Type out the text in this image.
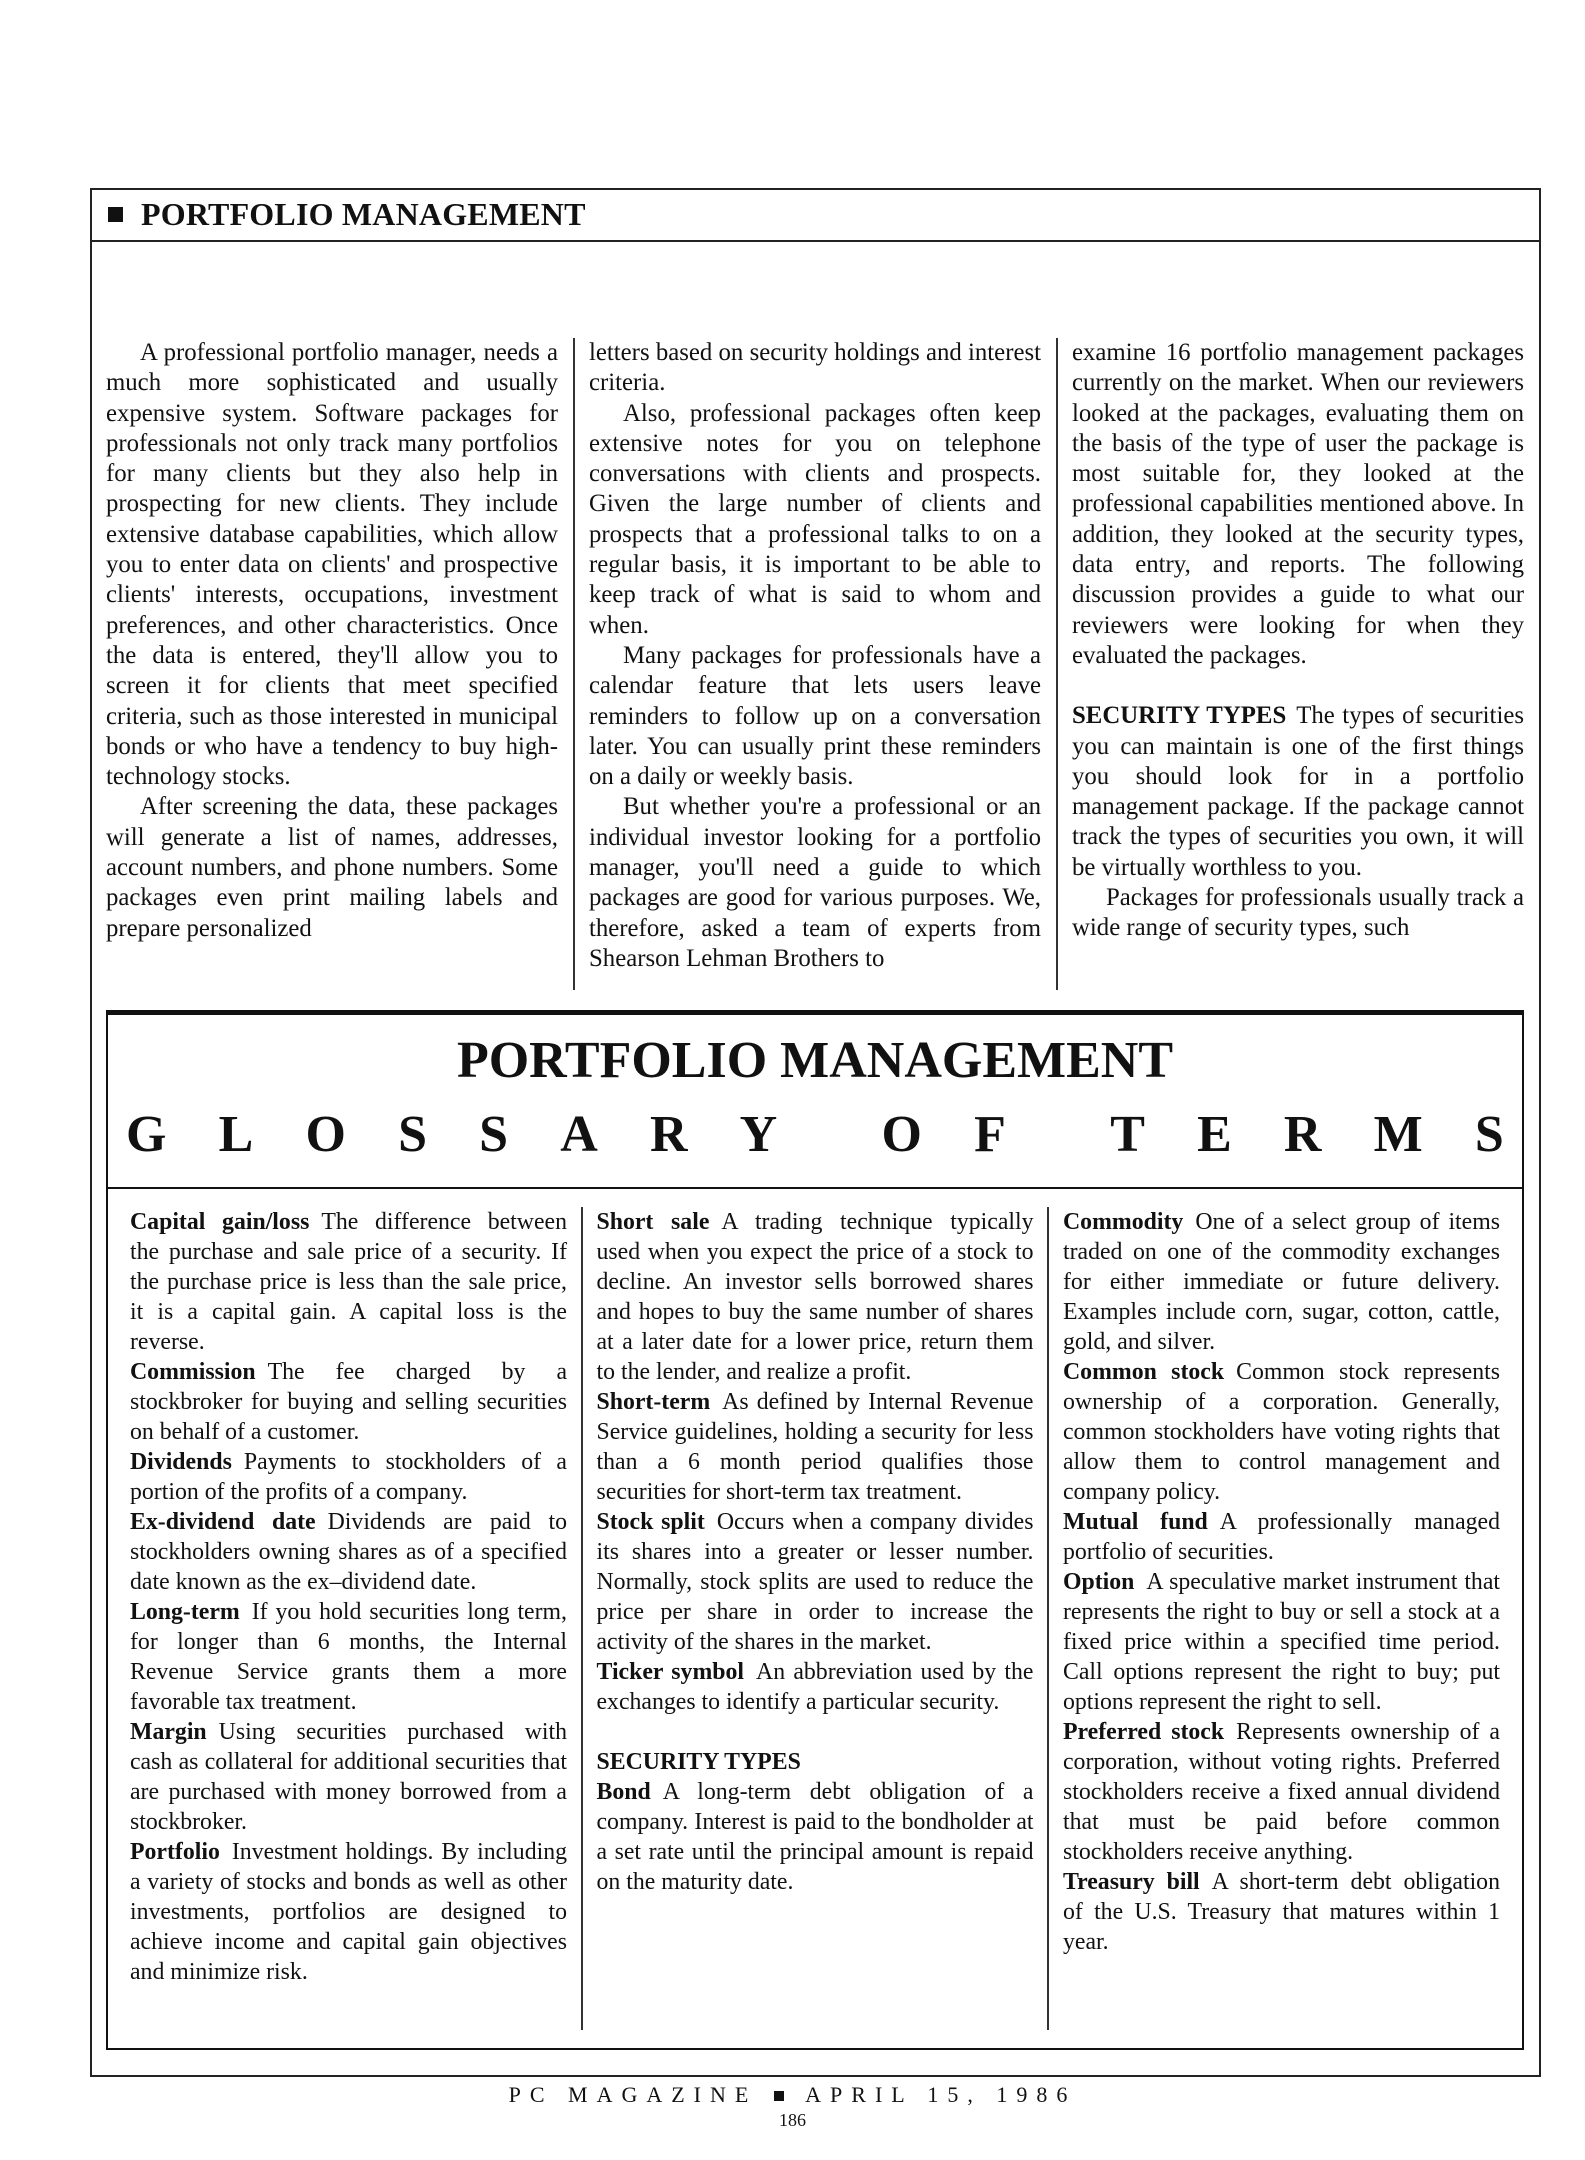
PORTFOLIO MANAGEMENT

A professional portfolio manager, needs a much more sophisticated and usually expensive system. Software packages for professionals not only track many portfolios for many clients but they also help in prospecting for new clients. They include extensive database capabilities, which allow you to enter data on clients' and prospective clients' interests, occupations, investment preferences, and other characteristics. Once the data is entered, they'll allow you to screen it for clients that meet specified criteria, such as those interested in municipal bonds or who have a tendency to buy high-technology stocks.

After screening the data, these packages will generate a list of names, addresses, account numbers, and phone numbers. Some packages even print mailing labels and prepare personalized

letters based on security holdings and interest criteria.

Also, professional packages often keep extensive notes for you on telephone conversations with clients and prospects. Given the large number of clients and prospects that a professional talks to on a regular basis, it is important to be able to keep track of what is said to whom and when.

Many packages for professionals have a calendar feature that lets users leave reminders to follow up on a conversation later. You can usually print these reminders on a daily or weekly basis.

But whether you're a professional or an individual investor looking for a portfolio manager, you'll need a guide to which packages are good for various purposes. We, therefore, asked a team of experts from Shearson Lehman Brothers to

examine 16 portfolio management packages currently on the market. When our reviewers looked at the packages, evaluating them on the basis of the type of user the package is most suitable for, they looked at the professional capabilities mentioned above. In addition, they looked at the security types, data entry, and reports. The following discussion provides a guide to what our reviewers were looking for when they evaluated the packages.

SECURITY TYPES The types of securities you can maintain is one of the first things you should look for in a portfolio management package. If the package cannot track the types of securities you own, it will be virtually worthless to you.

Packages for professionals usually track a wide range of security types, such

PORTFOLIO MANAGEMENT
G L O S S A R Y O F T E R M S

Capital gain/loss The difference between the purchase and sale price of a security. If the purchase price is less than the sale price, it is a capital gain. A capital loss is the reverse.

Commission The fee charged by a stockbroker for buying and selling securities on behalf of a customer.

Dividends Payments to stockholders of a portion of the profits of a company.

Ex-dividend date Dividends are paid to stockholders owning shares as of a specified date known as the ex–dividend date.

Long-term If you hold securities long term, for longer than 6 months, the Internal Revenue Service grants them a more favorable tax treatment.

Margin Using securities purchased with cash as collateral for additional securities that are purchased with money borrowed from a stockbroker.

Portfolio Investment holdings. By including a variety of stocks and bonds as well as other investments, portfolios are designed to achieve income and capital gain objectives and minimize risk.

Short sale A trading technique typically used when you expect the price of a stock to decline. An investor sells borrowed shares and hopes to buy the same number of shares at a later date for a lower price, return them to the lender, and realize a profit.

Short-term As defined by Internal Revenue Service guidelines, holding a security for less than a 6 month period qualifies those securities for short-term tax treatment.

Stock split Occurs when a company divides its shares into a greater or lesser number. Normally, stock splits are used to reduce the price per share in order to increase the activity of the shares in the market.

Ticker symbol An abbreviation used by the exchanges to identify a particular security.

SECURITY TYPES

Bond A long-term debt obligation of a company. Interest is paid to the bondholder at a set rate until the principal amount is repaid on the maturity date.

Commodity One of a select group of items traded on one of the commodity exchanges for either immediate or future delivery. Examples include corn, sugar, cotton, cattle, gold, and silver.

Common stock Common stock represents ownership of a corporation. Generally, common stockholders have voting rights that allow them to control management and company policy.

Mutual fund A professionally managed portfolio of securities.

Option A speculative market instrument that represents the right to buy or sell a stock at a fixed price within a specified time period. Call options represent the right to buy; put options represent the right to sell.

Preferred stock Represents ownership of a corporation, without voting rights. Preferred stockholders receive a fixed annual dividend that must be paid before common stockholders receive anything.

Treasury bill A short-term debt obligation of the U.S. Treasury that matures within 1 year.

PC MAGAZINE APRIL 15, 1986
186
